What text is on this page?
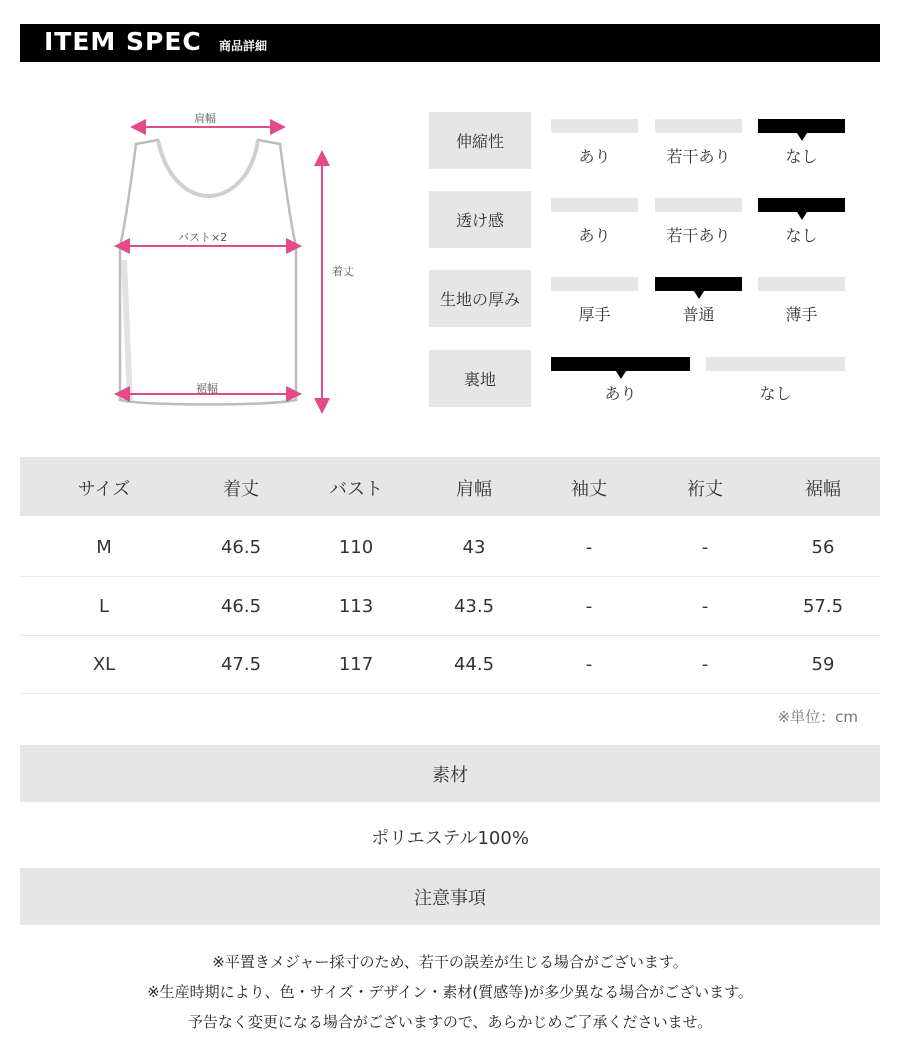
ITEM SPEC 商品詳細
肩幅
バスト×2
着丈
裾幅
伸縮性
あり	若干あり	なし
透け感
あり	若干あり	なし
生地の厚み
厚手	普通	薄手
裏地
あり	なし
サイズ	着丈	バスト	肩幅	袖丈	裄丈	裾幅
M	46.5	110	43	-	-	56
L	46.5	113	43.5	-	-	57.5
XL	47.5	117	44.5	-	-	59
※単位：cm
素材
ポリエステル100%
注意事項
※平置きメジャー採寸のため、若干の誤差が生じる場合がございます。
※生産時期により、色・サイズ・デザイン・素材(質感等)が多少異なる場合がございます。
予告なく変更になる場合がございますので、あらかじめご了承くださいませ。
